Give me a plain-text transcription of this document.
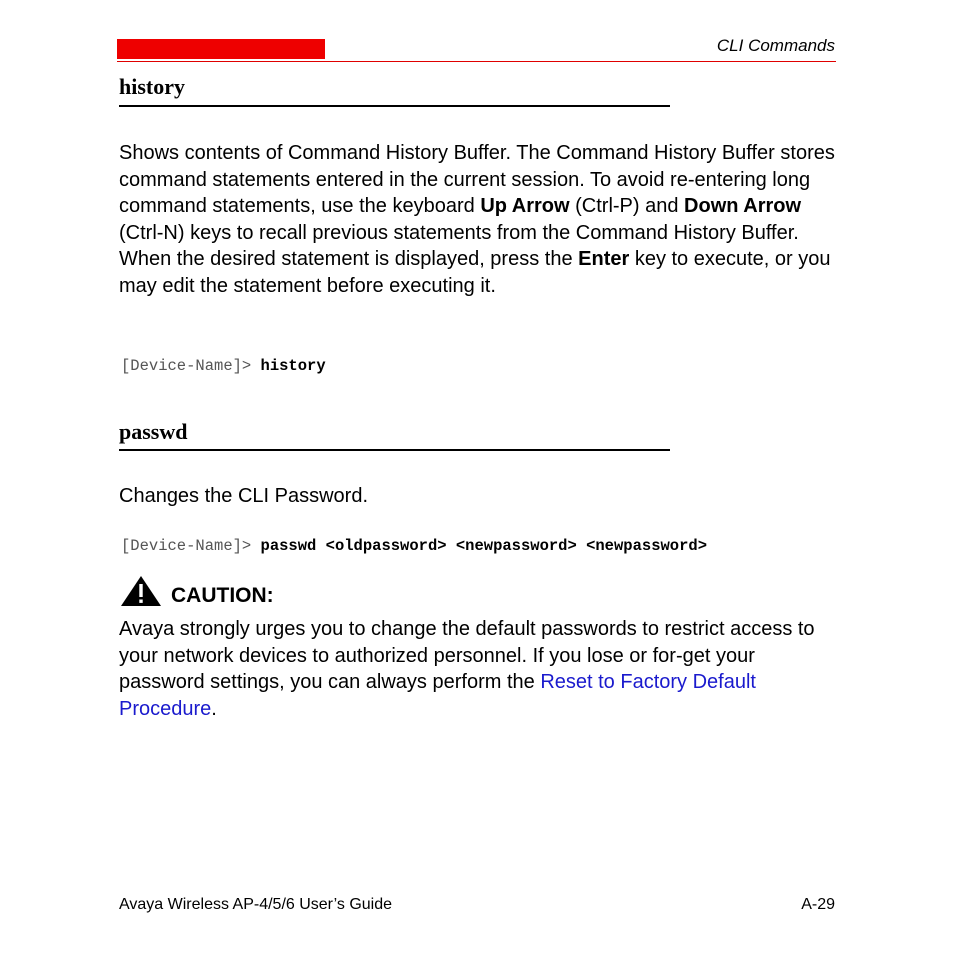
CLI Commands
history
Shows contents of Command History Buffer. The Command History Buffer stores command statements entered in the current session. To avoid re-entering long command statements, use the keyboard Up Arrow (Ctrl-P) and Down Arrow (Ctrl-N) keys to recall previous statements from the Command History Buffer. When the desired statement is displayed, press the Enter key to execute, or you may edit the statement before executing it.
[Device-Name]> history
passwd
Changes the CLI Password.
[Device-Name]> passwd <oldpassword> <newpassword> <newpassword>
CAUTION:
Avaya strongly urges you to change the default passwords to restrict access to your network devices to authorized personnel. If you lose or for-get your password settings, you can always perform the Reset to Factory Default Procedure.
Avaya Wireless AP-4/5/6 User’s Guide	A-29
